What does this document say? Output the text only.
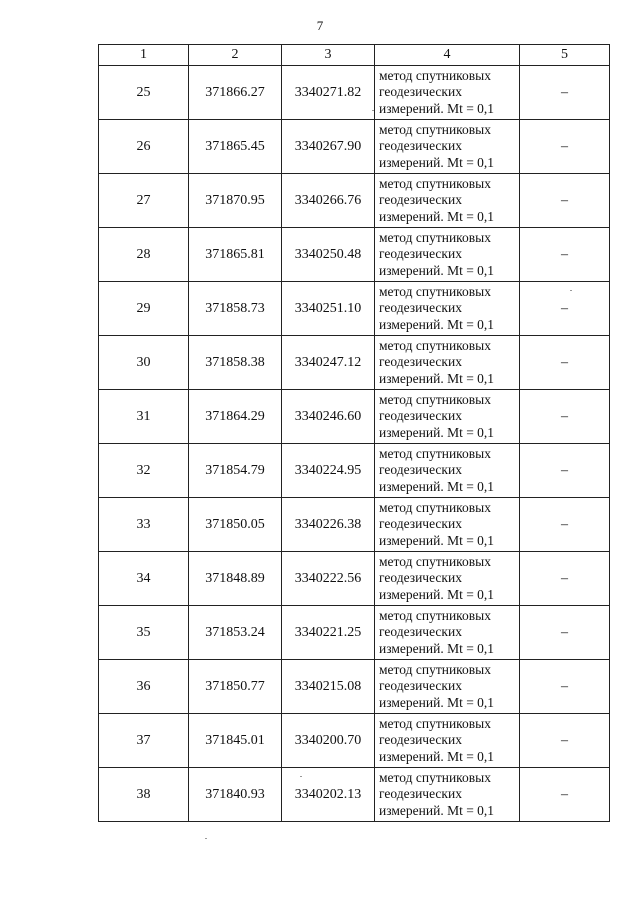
7
1	2	3	4	5
25	371866.27	3340271.82	метод спутниковых
геодезических
измерений. Mt = 0,1	–
26	371865.45	3340267.90	метод спутниковых
геодезических
измерений. Mt = 0,1	–
27	371870.95	3340266.76	метод спутниковых
геодезических
измерений. Mt = 0,1	–
28	371865.81	3340250.48	метод спутниковых
геодезических
измерений. Mt = 0,1	–
29	371858.73	3340251.10	метод спутниковых
геодезических
измерений. Mt = 0,1	–
30	371858.38	3340247.12	метод спутниковых
геодезических
измерений. Mt = 0,1	–
31	371864.29	3340246.60	метод спутниковых
геодезических
измерений. Mt = 0,1	–
32	371854.79	3340224.95	метод спутниковых
геодезических
измерений. Mt = 0,1	–
33	371850.05	3340226.38	метод спутниковых
геодезических
измерений. Mt = 0,1	–
34	371848.89	3340222.56	метод спутниковых
геодезических
измерений. Mt = 0,1	–
35	371853.24	3340221.25	метод спутниковых
геодезических
измерений. Mt = 0,1	–
36	371850.77	3340215.08	метод спутниковых
геодезических
измерений. Mt = 0,1	–
37	371845.01	3340200.70	метод спутниковых
геодезических
измерений. Mt = 0,1	–
38	371840.93	3340202.13	метод спутниковых
геодезических
измерений. Mt = 0,1	–
